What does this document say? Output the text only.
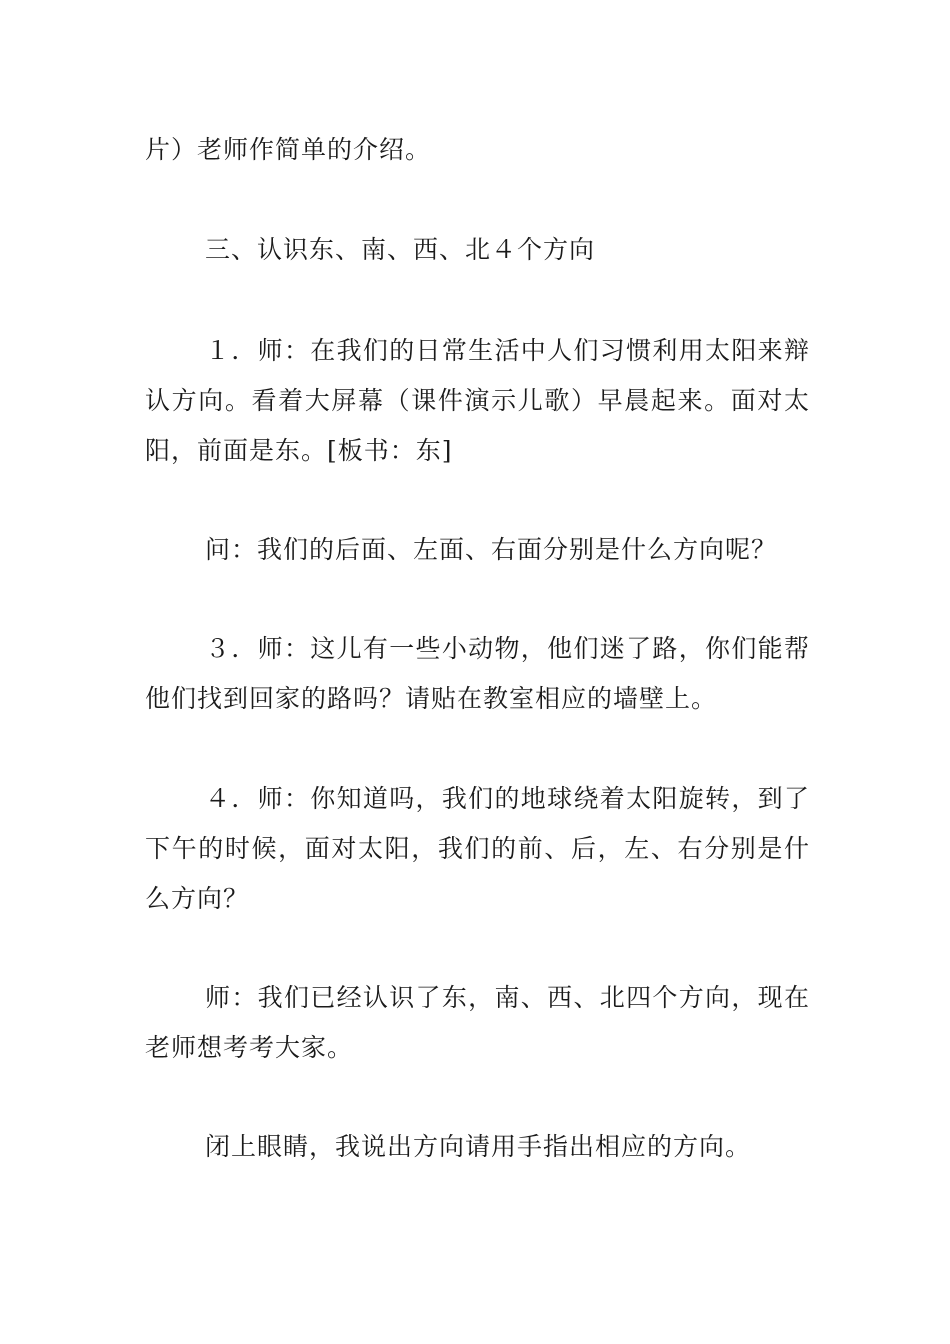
片）老师作简单的介绍。

三、认识东、南、西、北４个方向

１．师：在我们的日常生活中人们习惯利用太阳来辩认方向。看着大屏幕（课件演示儿歌）早晨起来。面对太阳，前面是东。[板书：东]

问：我们的后面、左面、右面分别是什么方向呢？

３．师：这儿有一些小动物，他们迷了路，你们能帮他们找到回家的路吗？请贴在教室相应的墙壁上。

４．师：你知道吗，我们的地球绕着太阳旋转，到了下午的时候，面对太阳，我们的前、后，左、右分别是什么方向？

师：我们已经认识了东，南、西、北四个方向，现在老师想考考大家。

闭上眼睛，我说出方向请用手指出相应的方向。
